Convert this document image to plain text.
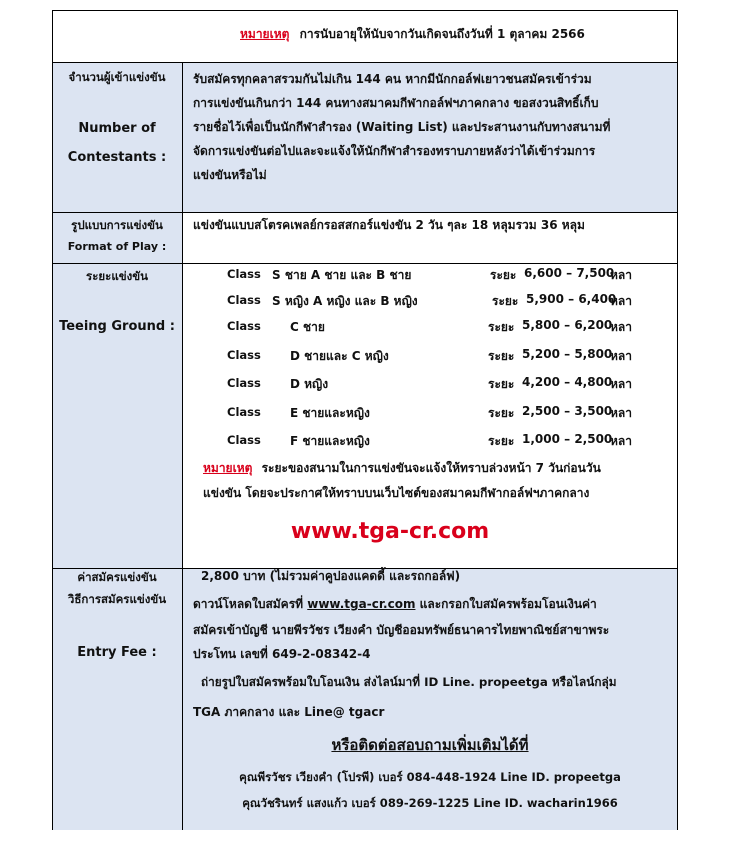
หมายเหตุ การนับอายุให้นับจากวันเกิดจนถึงวันที่ 1 ตุลาคม 2566
จำนวนผู้เข้าแข่งขัน
Number of
Contestants :
รับสมัครทุกคลาสรวมกันไม่เกิน 144 คน หากมีนักกอล์ฟเยาวชนสมัครเข้าร่วม
การแข่งขันเกินกว่า 144 คนทางสมาคมกีฬากอล์ฟฯภาคกลาง ขอสงวนสิทธิ์เก็บ
รายชื่อไว้เพื่อเป็นนักกีฬาสำรอง (Waiting List) และประสานงานกับทางสนามที่
จัดการแข่งขันต่อไปและจะแจ้งให้นักกีฬาสำรองทราบภายหลังว่าได้เข้าร่วมการ
แข่งขันหรือไม่
รูปแบบการแข่งขัน
Format of Play :
แข่งขันแบบสโตรคเพลย์กรอสสกอร์แข่งขัน 2 วัน ๆละ 18 หลุมรวม 36 หลุม
ระยะแข่งขัน
Teeing Ground :
Class S ชาย A ชาย และ B ชาย	ระยะ 6,600 – 7,500
หลา
Class S หญิง A หญิง และ B หญิง	ระยะ 5,900 – 6,400
หลา
Class C ชาย	ระยะ 5,800 – 6,200
หลา
Class D ชายและ C หญิง	ระยะ 5,200 – 5,800
หลา
Class D หญิง	ระยะ 4,200 – 4,800
หลา
Class E ชายและหญิง	ระยะ 2,500 – 3,500
หลา
Class F ชายและหญิง	ระยะ 1,000 – 2,500
หลา
หมายเหตุ ระยะของสนามในการแข่งขันจะแจ้งให้ทราบล่วงหน้า 7 วันก่อนวัน
แข่งขัน โดยจะประกาศให้ทราบบนเว็บไซต์ของสมาคมกีฬากอล์ฟฯภาคกลาง
www.tga-cr.com
ค่าสมัครแข่งขัน
วิธีการสมัครแข่งขัน
Entry Fee :
2,800 บาท (ไม่รวมค่าคูปองแคดดี้ และรถกอล์ฟ)
ดาวน์โหลดใบสมัครที่ www.tga-cr.com และกรอกใบสมัครพร้อมโอนเงินค่า
สมัครเข้าบัญชี นายพีรวัชร เวียงคำ บัญชีออมทรัพย์ธนาคารไทยพาณิชย์สาขาพระ
ประโทน เลขที่ 649-2-08342-4
ถ่ายรูปใบสมัครพร้อมใบโอนเงิน ส่งไลน์มาที่ ID Line. propeetga หรือไลน์กลุ่ม
TGA ภาคกลาง และ Line@ tgacr
หรือติดต่อสอบถามเพิ่มเติมได้ที่
คุณพีรวัชร เวียงคำ (โปรพี) เบอร์ 084-448-1924 Line ID. propeetga
คุณวัชรินทร์ แสงแก้ว เบอร์ 089-269-1225 Line ID. wacharin1966
